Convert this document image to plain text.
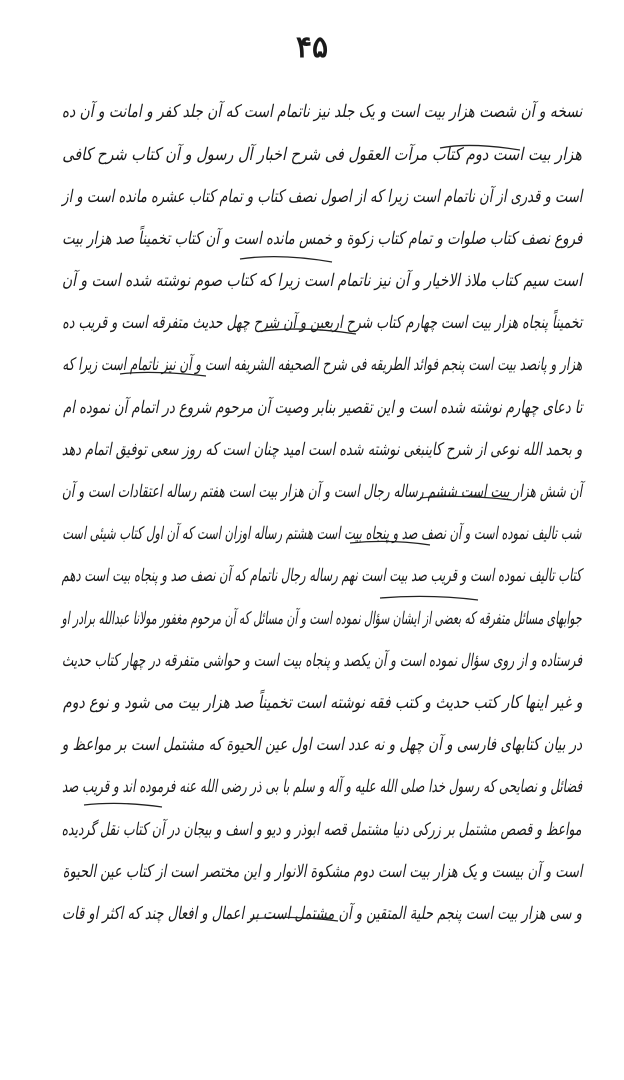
۴۵
نسخه و آن شصت هزار بیت است و یک جلد نیز ناتمام است که آن جلد کفر و امانت و آن ده
هزار بیت است دوم کتاب مرآت العقول فی شرح اخبار آل رسول و آن کتاب شرح کافی
است و قدری از آن ناتمام است زیرا که از اصول نصف کتاب و تمام کتاب عشره مانده است و از
فروع نصف کتاب صلوات و تمام کتاب زکوة و خمس مانده است و آن کتاب تخمیناً صد هزار بیت
است سیم کتاب ملاذ الاخیار و آن نیز ناتمام است زیرا که کتاب صوم نوشته شده است و آن
تخمیناً پنجاه هزار بیت است چهارم کتاب شرح اربعین و آن شرح چهل حدیث متفرقه است و قریب ده
هزار و پانصد بیت است پنجم فوائد الطریقه فی شرح الصحیفه الشریفه است و آن نیز ناتمام است زیرا که
تا دعای چهارم نوشته شده است و این تقصیر بنابر وصیت آن مرحوم شروع در اتمام آن نموده ام
و بحمد الله نوعی از شرح کاینبغی نوشته شده است امید چنان است که روز سعی توفیق اتمام دهد
آن شش هزار بیت است ششم رساله رجال است و آن هزار بیت است هفتم رساله اعتقادات است و آن
شب تالیف نموده است و آن نصف صد و پنجاه بیت است هشتم رساله اوزان است که آن اول کتاب شیئی است
کتاب تالیف نموده است و قریب صد بیت است نهم رساله رجال ناتمام که آن نصف صد و پنجاه بیت است دهم
جوابهای مسائل متفرقه که بعضی از ایشان سؤال نموده است و آن مسائل که آن مرحوم مغفور مولانا عبدالله برادر او
فرستاده و از روی سؤال نموده است و آن یکصد و پنجاه بیت است و حواشی متفرقه در چهار کتاب حدیث
و غیر اینها کار کتب حدیث و کتب فقه نوشته است تخمیناً صد هزار بیت می شود و نوع دوم
در بیان کتابهای فارسی و آن چهل و نه عدد است اول عین الحیوة که مشتمل است بر مواعظ و
فضائل و نصایحی که رسول خدا صلی الله علیه و آله و سلم با بی ذر رضی الله عنه فرموده اند و قریب صد
مواعظ و قصص مشتمل بر زرکی دنیا مشتمل قصه ابوذر و دیو و اسف و بیجان در آن کتاب نقل گردیده
است و آن بیست و یک هزار بیت است دوم مشکوة الانوار و این مختصر است از کتاب عین الحیوة
و سی هزار بیت است پنجم حلیة المتقین و آن مشتمل است بر اعمال و افعال چند که اکثر او قات
